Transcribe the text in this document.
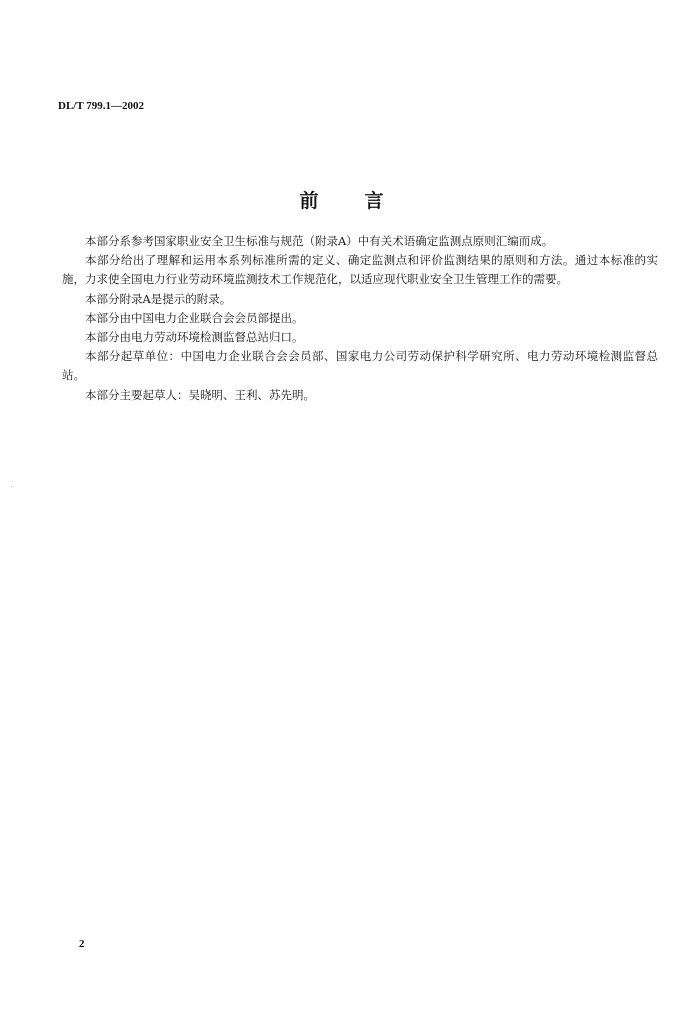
DL/T 799.1—2002
前 言

本部分系参考国家职业安全卫生标准与规范（附录A）中有关术语确定监测点原则汇编而成。

本部分给出了理解和运用本系列标准所需的定义、确定监测点和评价监测结果的原则和方法。通过本标准的实施，力求使全国电力行业劳动环境监测技术工作规范化，以适应现代职业安全卫生管理工作的需要。

本部分附录A是提示的附录。

本部分由中国电力企业联合会会员部提出。

本部分由电力劳动环境检测监督总站归口。

本部分起草单位：中国电力企业联合会会员部、国家电力公司劳动保护科学研究所、电力劳动环境检测监督总站。

本部分主要起草人：吴晓明、王利、苏先明。

2
